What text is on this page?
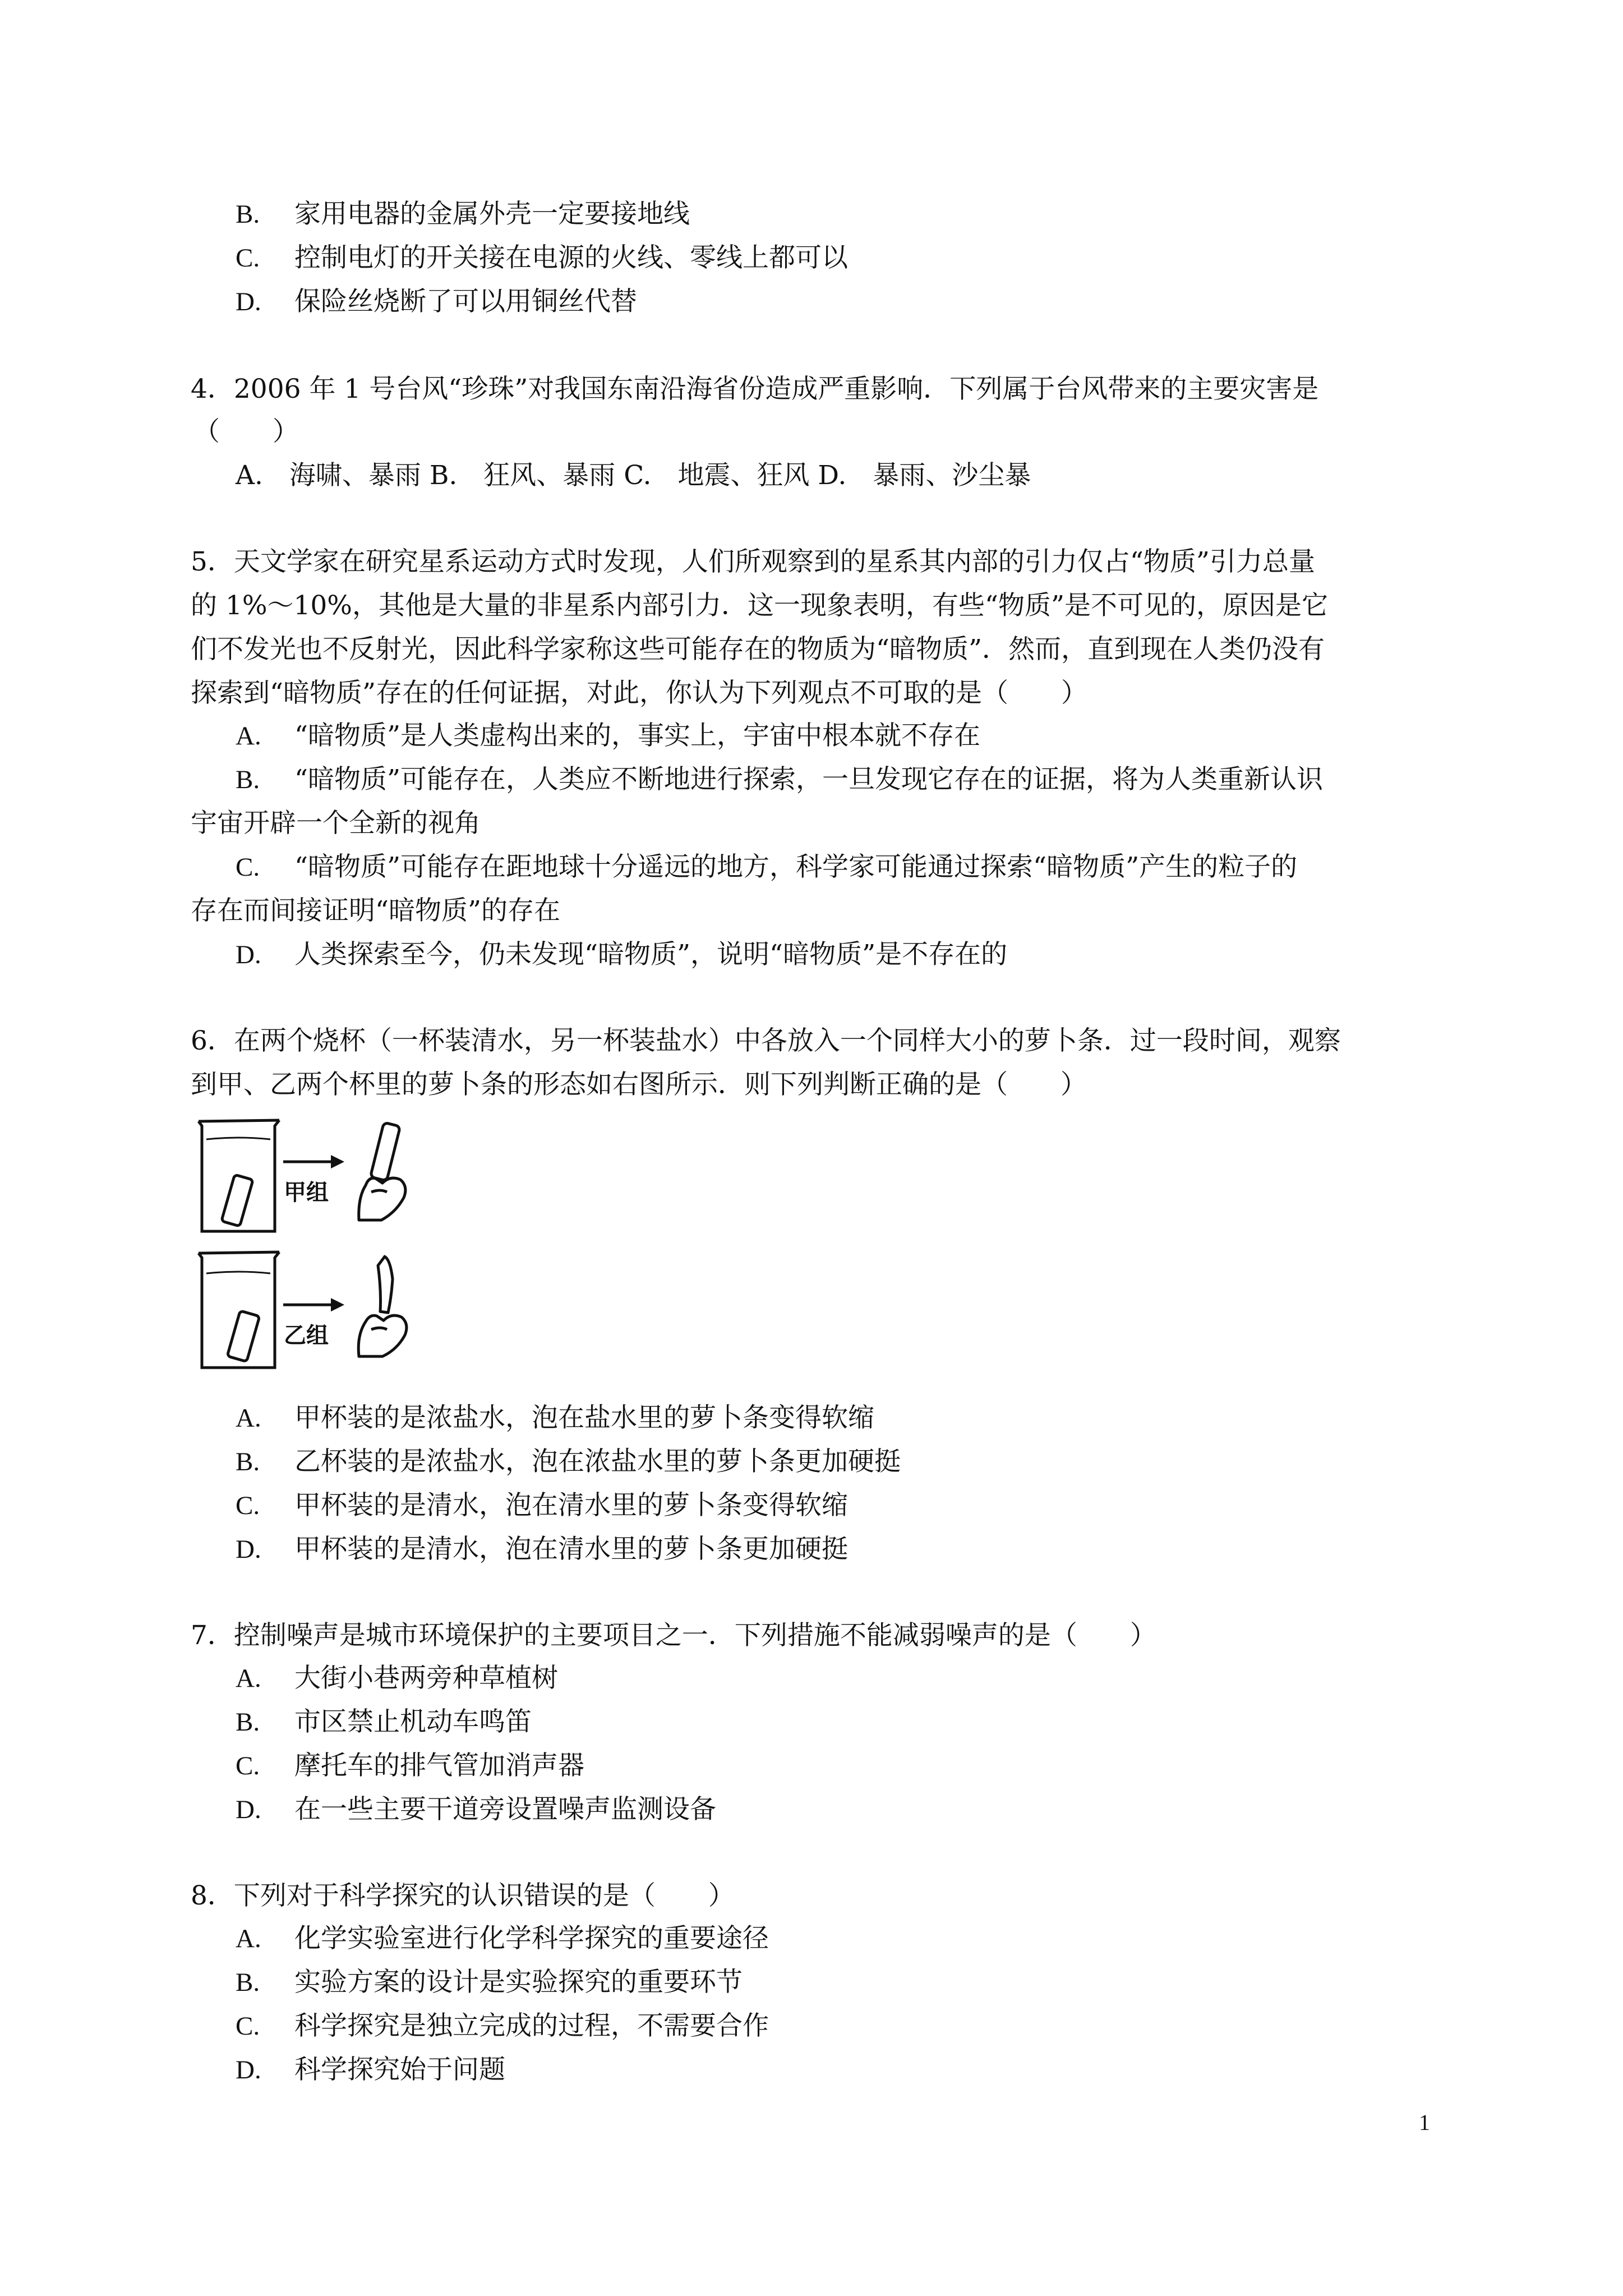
B. 家用电器的金属外壳一定要接地线
C. 控制电灯的开关接在电源的火线、零线上都可以
D. 保险丝烧断了可以用铜丝代替
4．2006 年 1 号台风“珍珠”对我国东南沿海省份造成严重影响．下列属于台风带来的主要灾害是
（　　）
A.　海啸、暴雨 B.　狂风、暴雨 C.　地震、狂风 D.　暴雨、沙尘暴
5．天文学家在研究星系运动方式时发现，人们所观察到的星系其内部的引力仅占“物质”引力总量
的 1%～10%，其他是大量的非星系内部引力．这一现象表明，有些“物质”是不可见的，原因是它
们不发光也不反射光，因此科学家称这些可能存在的物质为“暗物质”．然而，直到现在人类仍没有
探索到“暗物质”存在的任何证据，对此，你认为下列观点不可取的是（　　）
A. “暗物质”是人类虚构出来的，事实上，宇宙中根本就不存在
B. “暗物质”可能存在，人类应不断地进行探索，一旦发现它存在的证据，将为人类重新认识
宇宙开辟一个全新的视角
C. “暗物质”可能存在距地球十分遥远的地方，科学家可能通过探索“暗物质”产生的粒子的
存在而间接证明“暗物质”的存在
D. 人类探索至今，仍未发现“暗物质”，说明“暗物质”是不存在的
6．在两个烧杯（一杯装清水，另一杯装盐水）中各放入一个同样大小的萝卜条．过一段时间，观察
到甲、乙两个杯里的萝卜条的形态如右图所示．则下列判断正确的是（　　）
甲组
乙组
A. 甲杯装的是浓盐水，泡在盐水里的萝卜条变得软缩
B. 乙杯装的是浓盐水，泡在浓盐水里的萝卜条更加硬挺
C. 甲杯装的是清水，泡在清水里的萝卜条变得软缩
D. 甲杯装的是清水，泡在清水里的萝卜条更加硬挺
7．控制噪声是城市环境保护的主要项目之一．下列措施不能减弱噪声的是（　　）
A. 大街小巷两旁种草植树
B. 市区禁止机动车鸣笛
C. 摩托车的排气管加消声器
D. 在一些主要干道旁设置噪声监测设备
8．下列对于科学探究的认识错误的是（　　）
A. 化学实验室进行化学科学探究的重要途径
B. 实验方案的设计是实验探究的重要环节
C. 科学探究是独立完成的过程，不需要合作
D. 科学探究始于问题
1
